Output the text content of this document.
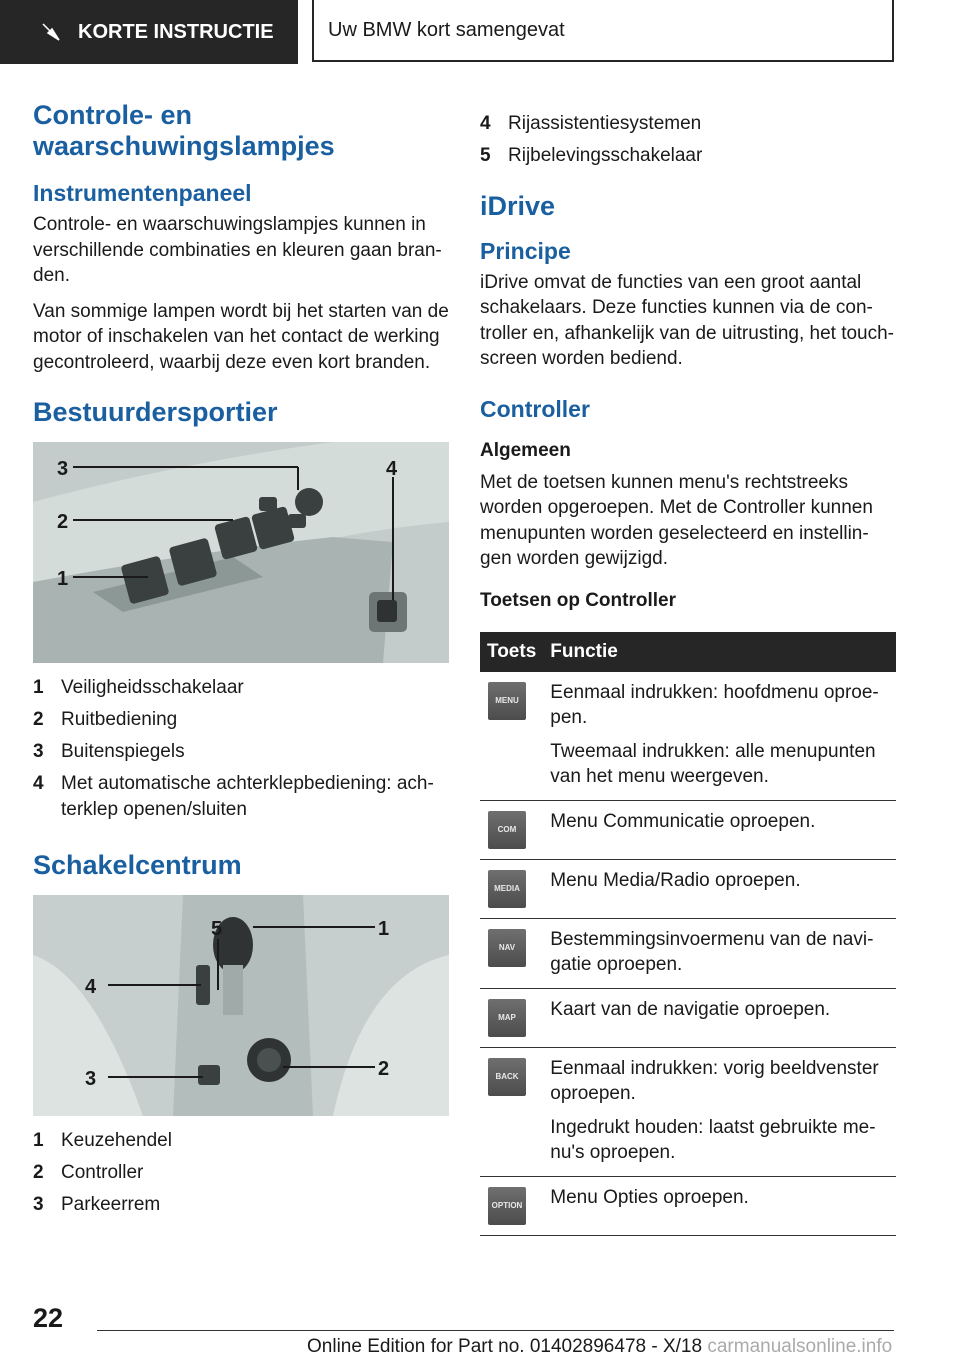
KORTE INSTRUCTIE	Uw BMW kort samengevat
Controle- en waarschuwingslampjes
Instrumentenpaneel

Controle- en waarschuwingslampjes kunnen in verschillende combinaties en kleuren gaan bran-den.

Van sommige lampen wordt bij het starten van de motor of inschakelen van het contact de werking gecontroleerd, waarbij deze even kort branden.

Bestuurdersportier
3
2
1
4
1 Veiligheidsschakelaar
2 Ruitbediening
3 Buitenspiegels
4 Met automatische achterklepbediening: ach-terklep openen/sluiten
Schakelcentrum
5	1
4
2
3
1 Keuzehendel
2 Controller
3 Parkeerrem
4 Rijassistentiesystemen
5 Rijbelevingsschakelaar
iDrive
Principe

iDrive omvat de functies van een groot aantal schakelaars. Deze functies kunnen via de con-troller en, afhankelijk van de uitrusting, het touch-screen worden bediend.

Controller
Algemeen

Met de toetsen kunnen menu's rechtstreeks worden opgeroepen. Met de Controller kunnen menupunten worden geselecteerd en instellin-gen worden gewijzigd.

Toetsen op Controller
Toets	Functie

MENU	Eenmaal indrukken: hoofdmenu oproe-pen.

Tweemaal indrukken: alle menupunten van het menu weergeven.

COM	Menu Communicatie oproepen.

MEDIA	Menu Media/Radio oproepen.

NAV	Bestemmingsinvoermenu van de navi-gatie oproepen.

MAP	Kaart van de navigatie oproepen.

BACK	Eenmaal indrukken: vorig beeldvenster oproepen.

Ingedrukt houden: laatst gebruikte me-nu's oproepen.

OPTION	Menu Opties oproepen.

22
Online Edition for Part no. 01402896478 - X/18 carmanualsonline.info
